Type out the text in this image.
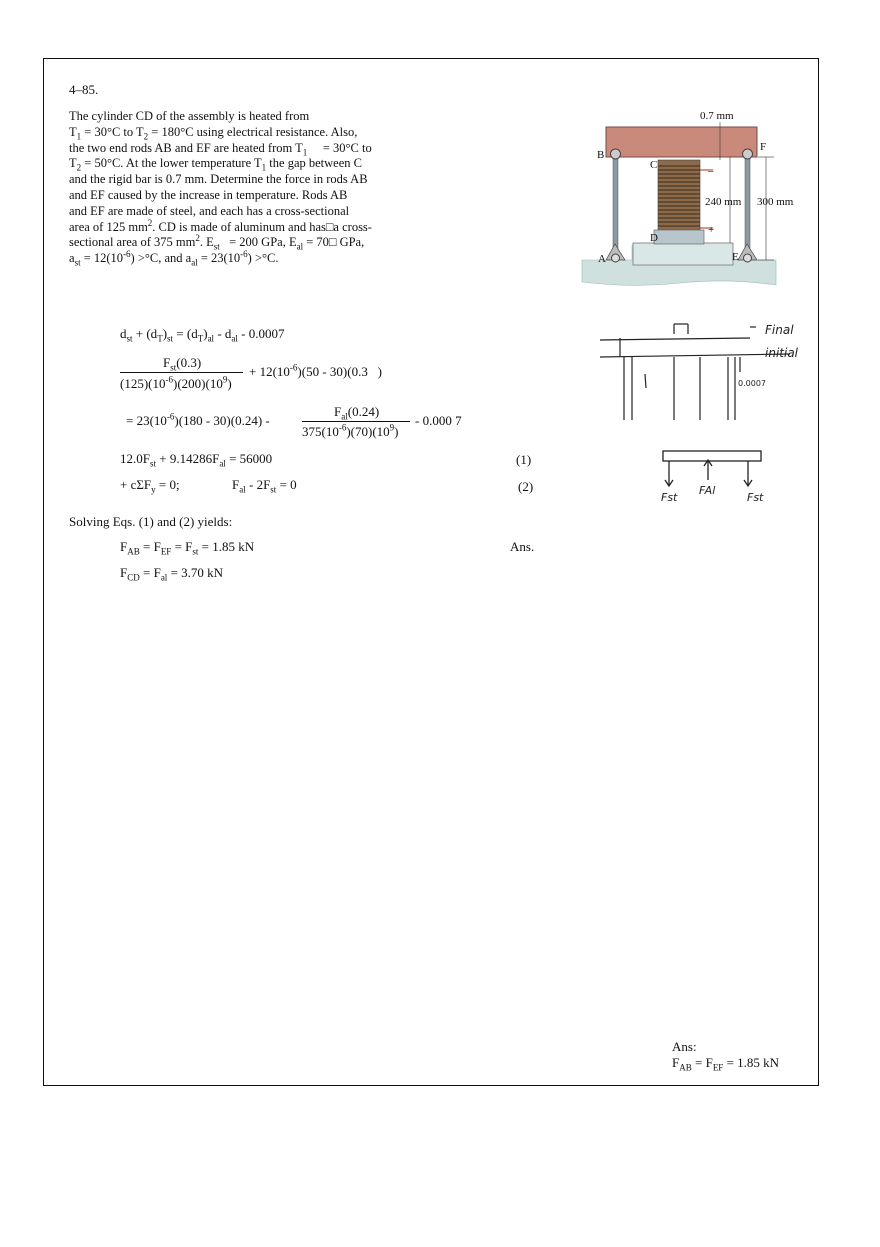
4–85.
The cylinder CD of the assembly is heated from
$T_1 = 30^\circ C$ to $T_2 = 180^\circ C$ using electrical resistance. Also,
the two end rods AB and EF are heated from $T_1$     = 30°C to
$T_2 = 50^\circ C$. At the lower temperature $T_1$ the gap between C
and the rigid bar is 0.7 mm. Determine the force in rods AB
and EF caused by the increase in temperature. Rods AB
and EF are made of steel, and each has a cross-sectional
area of 125 $mm^2$. CD is made of aluminum and has□a cross-
sectional area of 375 $mm^2$. $E_{st} = 200$ GPa, $E_{al}$ = 70□ GPa,
$a_{st} = 12(10^{-6}) >^\circ C$, and $a_{al} = 23(10^{-6}) >^\circ C$.
–
+
0.7 mm
240 mm 300 mm
B
C
D
A	E
F
$d_{st} + (d_T)_{st} = (d_T)_{al} - d_{al} - 0.0007$
$F_{st}(0.3)$
$(125)(10^{-6})(200)(10^9)$
+ $12(10^{-6})(50 - 30)(0.3$   )
= $23(10^{-6})(180 - 30)(0.24)$ -
$F_{al}(0.24)$
$375(10^{-6})(70)(10^9)$
- 0.000 7
$12.0F_{st} + 9.14286F_{al} = 56000$	(1)
+ cΣF$_y$ = 0;	$F_{al} - 2F_{st} = 0$	(2)
Solving Eqs. (1) and (2) yields:
$F_{AB} = F_{EF} = F_{st} = 1.85$ kN	Ans.
$F_{CD} = F_{al} = 3.70$ kN
Final
initial
0.0007
Fst
FAl
Fst
Ans:
$F_{AB} = F_{EF} = 1.85$ kN
